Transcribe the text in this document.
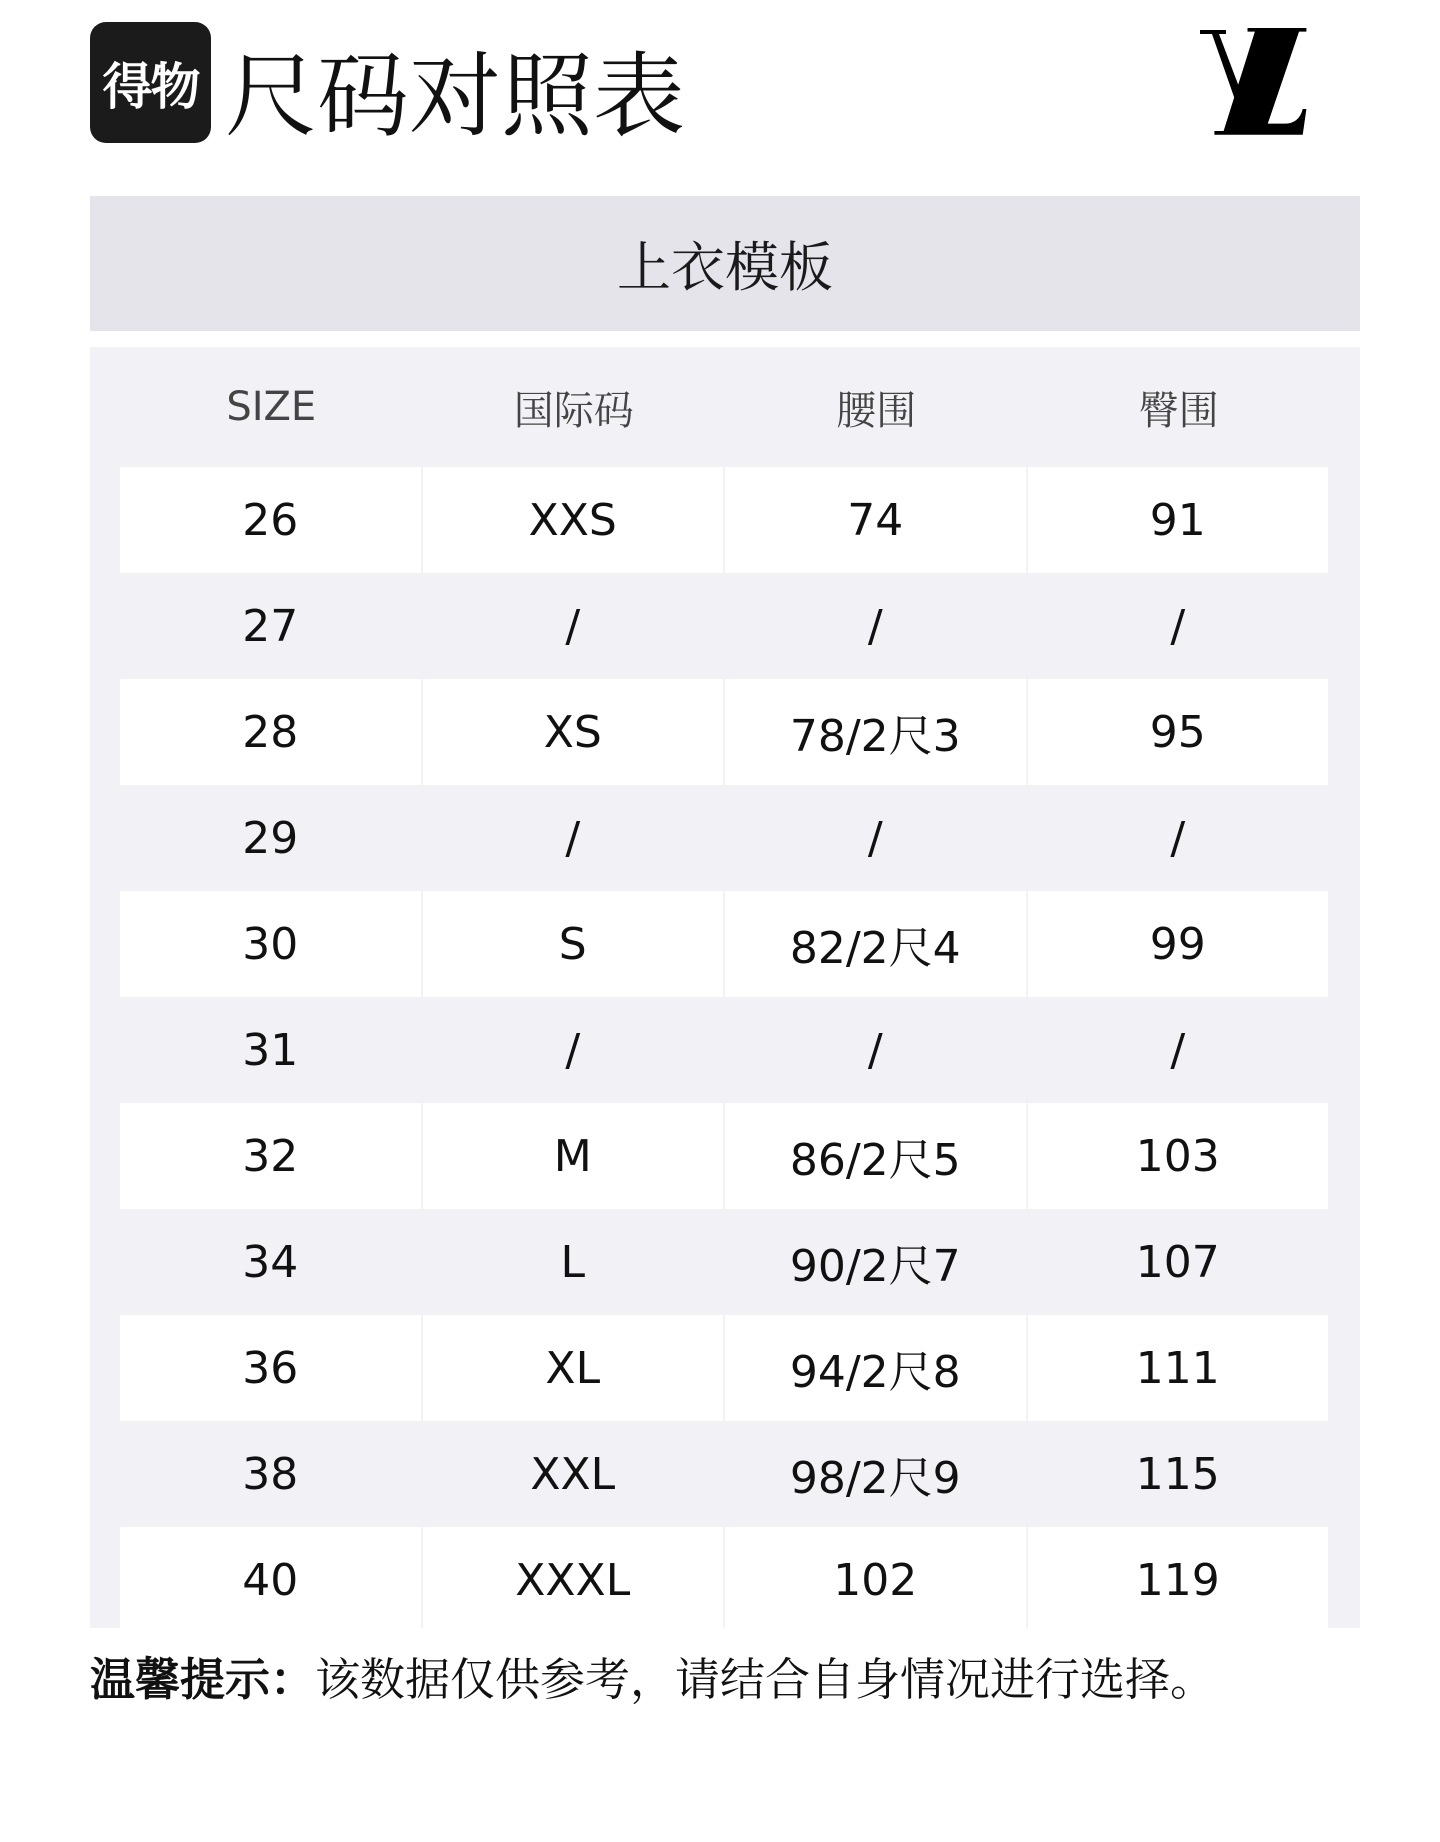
得物 尺码对照表
上衣模板
SIZE	国际码	腰围	臀围
26	XXS	74	91
27	/	/	/
28	XS	78/2尺3	95
29	/	/	/
30	S	82/2尺4	99
31	/	/	/
32	M	86/2尺5	103
34	L	90/2尺7	107
36	XL	94/2尺8	111
38	XXL	98/2尺9	115
40	XXXL	102	119
温馨提示：该数据仅供参考，请结合自身情况进行选择。
